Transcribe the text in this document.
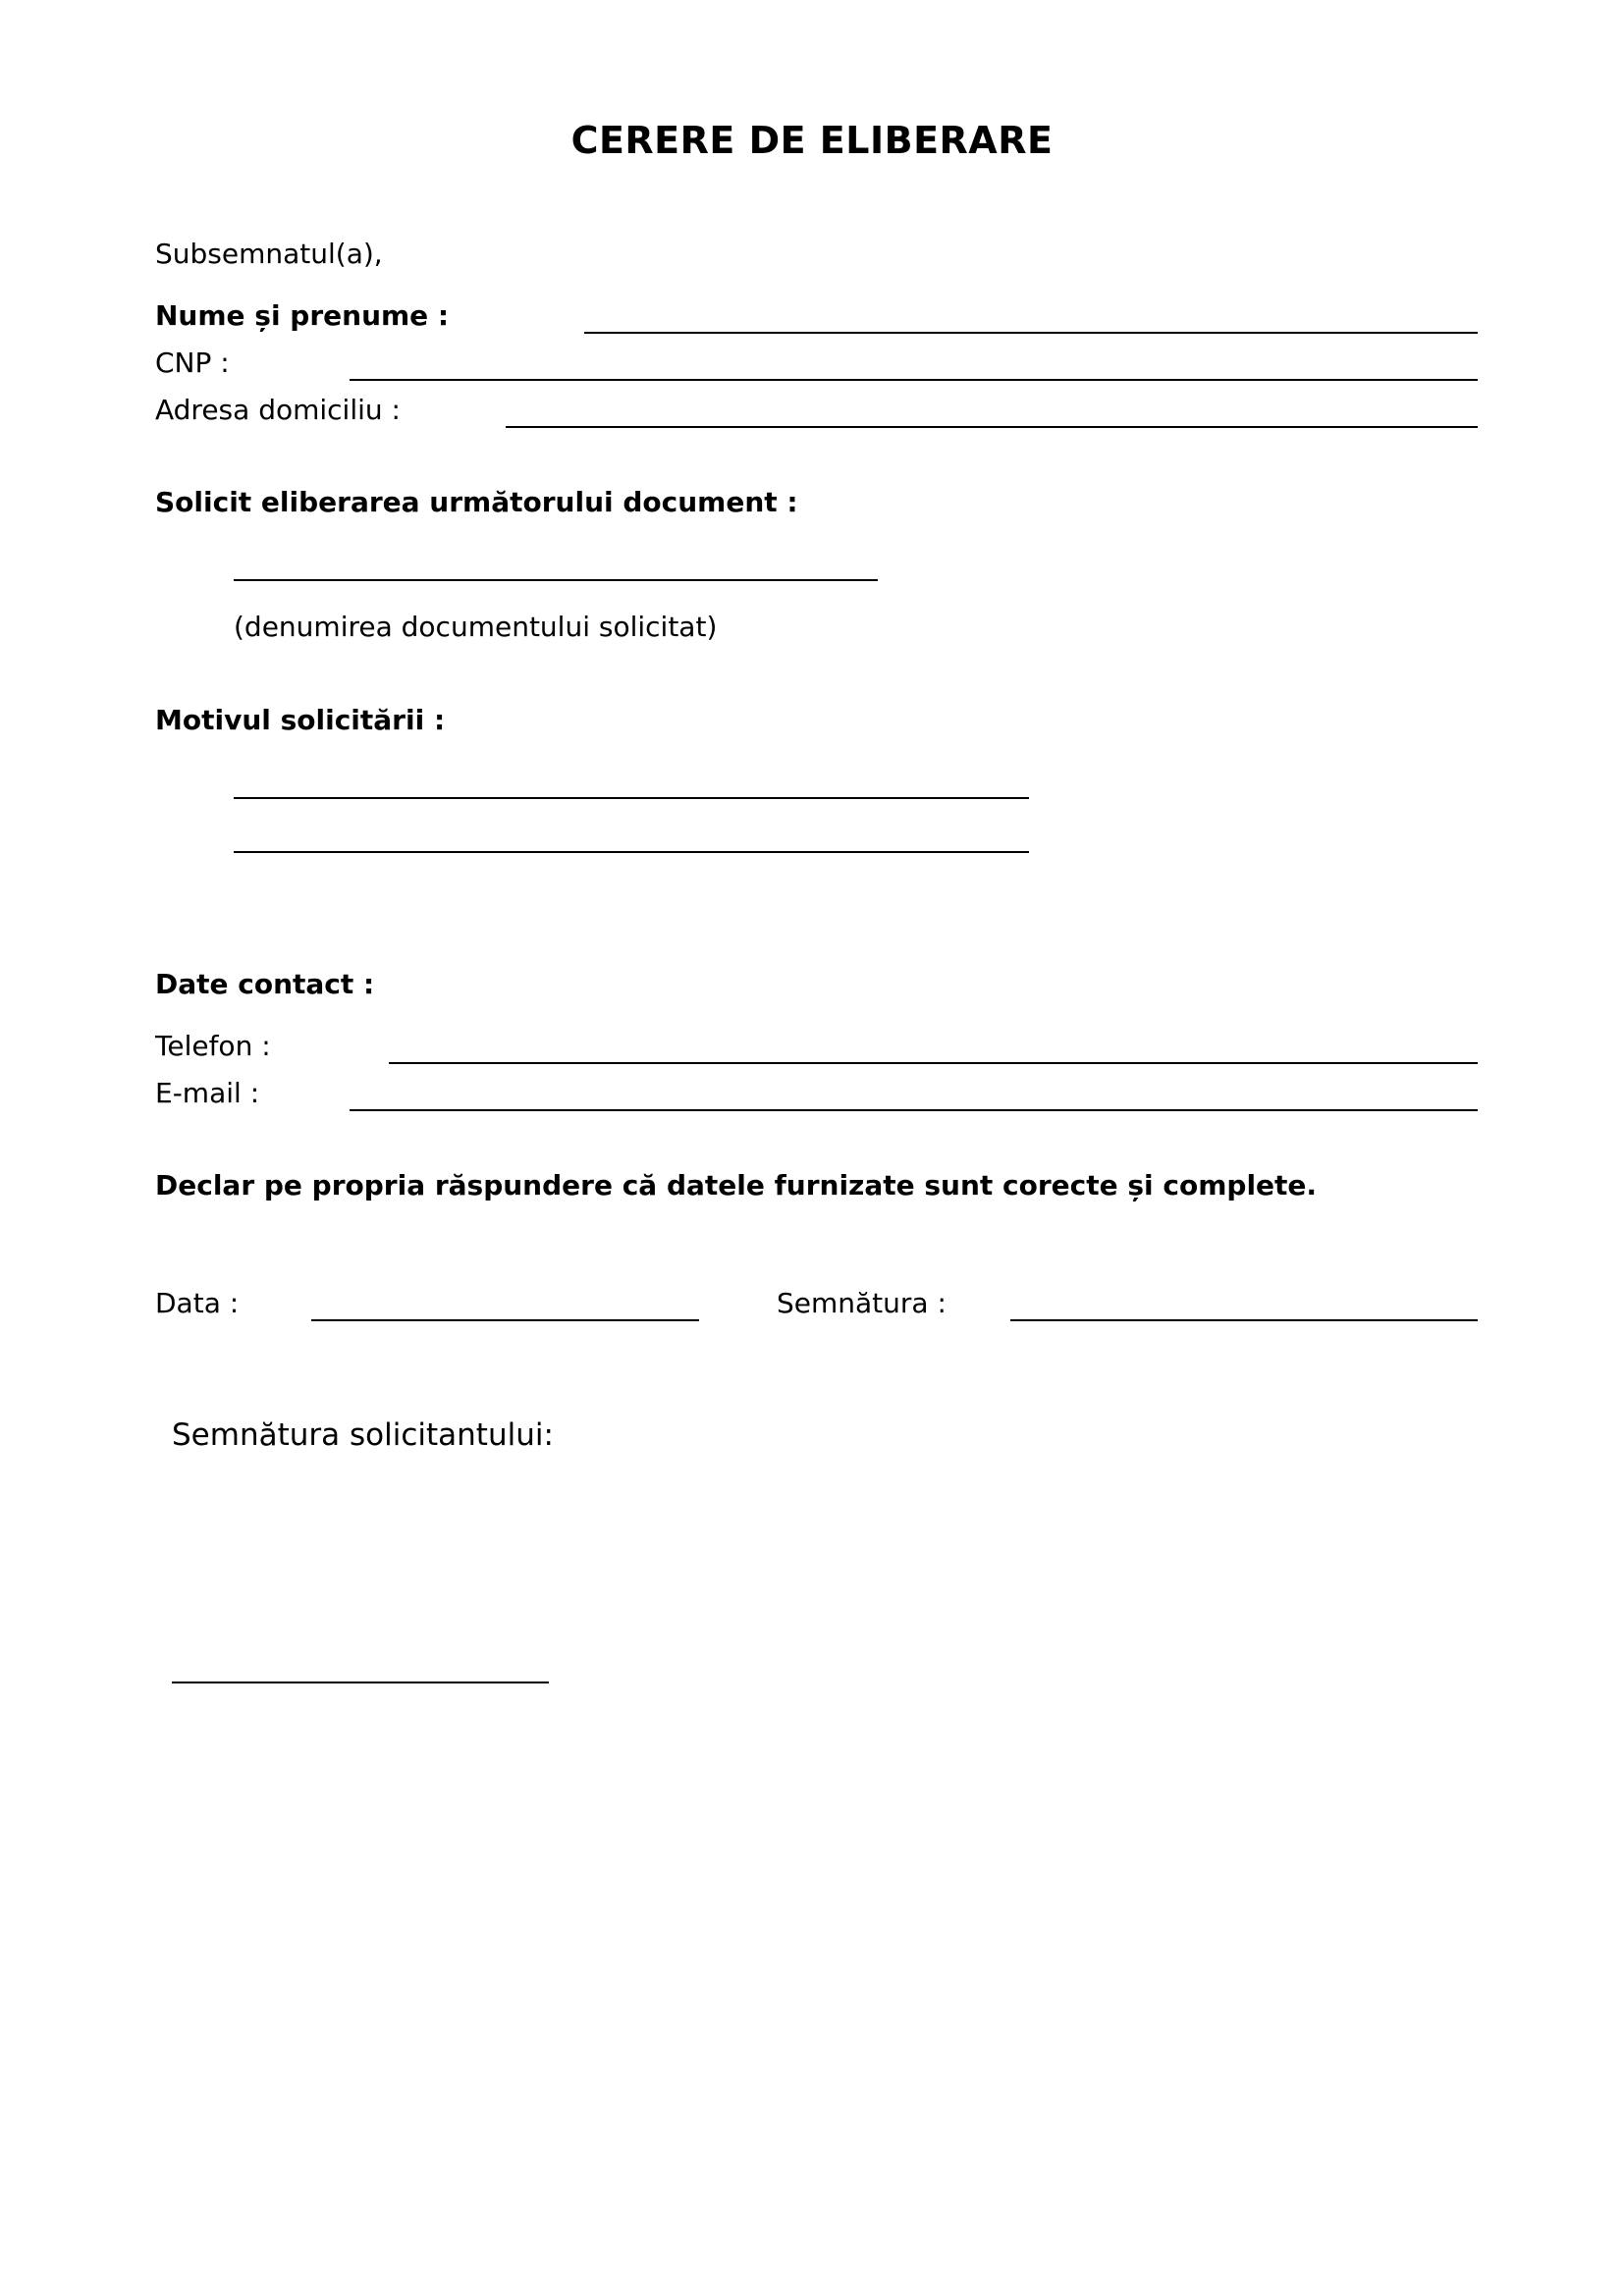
CERERE DE ELIBERARE
Subsemnatul(a),
Nume și prenume :
CNP :
Adresa domiciliu :
Solicit eliberarea următorului document :
(denumirea documentului solicitat)
Motivul solicitării :
Date contact :
Telefon :
E-mail :
Declar pe propria răspundere că datele furnizate sunt corecte și complete.
Data :	Semnătura :
Semnătura solicitantului:
